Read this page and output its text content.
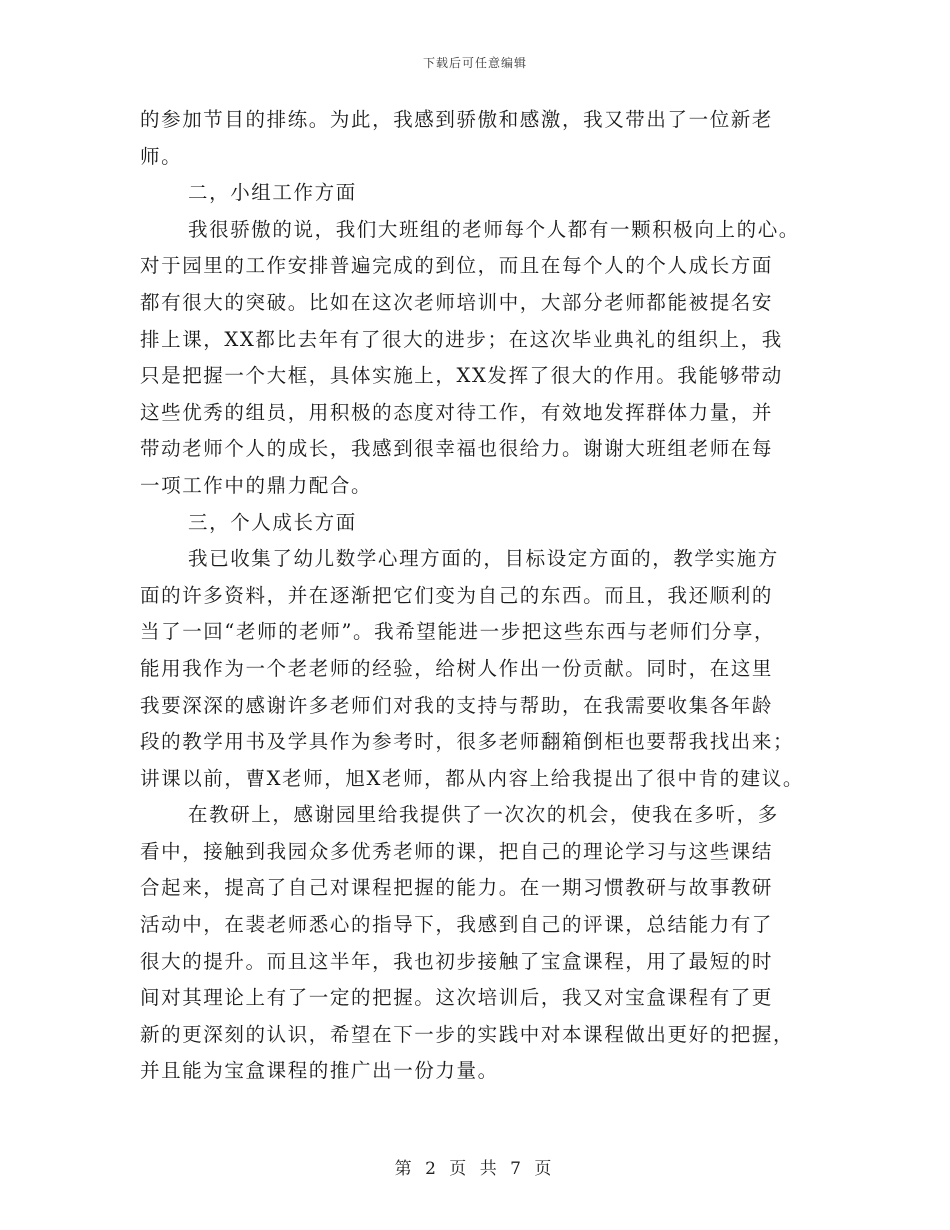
下载后可任意编辑
的参加节目的排练。为此，我感到骄傲和感激，我又带出了一位新老
师。
二，小组工作方面
我很骄傲的说，我们大班组的老师每个人都有一颗积极向上的心。
对于园里的工作安排普遍完成的到位，而且在每个人的个人成长方面
都有很大的突破。比如在这次老师培训中，大部分老师都能被提名安
排上课，XX都比去年有了很大的进步；在这次毕业典礼的组织上，我
只是把握一个大框，具体实施上，XX发挥了很大的作用。我能够带动
这些优秀的组员，用积极的态度对待工作，有效地发挥群体力量，并
带动老师个人的成长，我感到很幸福也很给力。谢谢大班组老师在每
一项工作中的鼎力配合。
三，个人成长方面
我已收集了幼儿数学心理方面的，目标设定方面的，教学实施方
面的许多资料，并在逐渐把它们变为自己的东西。而且，我还顺利的
当了一回“老师的老师”。我希望能进一步把这些东西与老师们分享，
能用我作为一个老老师的经验，给树人作出一份贡献。同时，在这里
我要深深的感谢许多老师们对我的支持与帮助，在我需要收集各年龄
段的教学用书及学具作为参考时，很多老师翻箱倒柜也要帮我找出来；
讲课以前，曹X老师，旭X老师，都从内容上给我提出了很中肯的建议。
在教研上，感谢园里给我提供了一次次的机会，使我在多听，多
看中，接触到我园众多优秀老师的课，把自己的理论学习与这些课结
合起来，提高了自己对课程把握的能力。在一期习惯教研与故事教研
活动中，在裴老师悉心的指导下，我感到自己的评课，总结能力有了
很大的提升。而且这半年，我也初步接触了宝盒课程，用了最短的时
间对其理论上有了一定的把握。这次培训后，我又对宝盒课程有了更
新的更深刻的认识，希望在下一步的实践中对本课程做出更好的把握，
并且能为宝盒课程的推广出一份力量。
第 2 页 共 7 页
